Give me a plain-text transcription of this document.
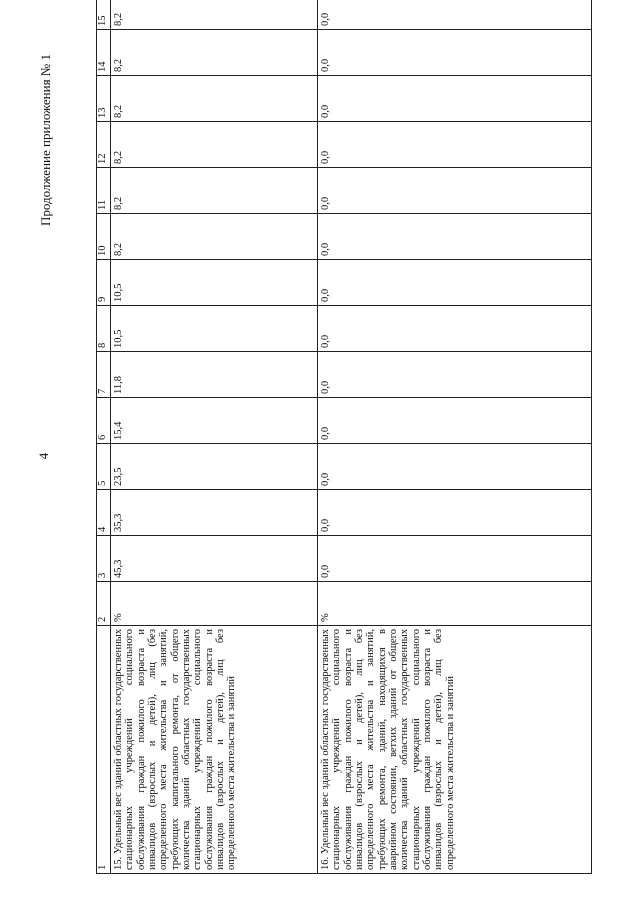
4
Продолжение приложения № 1
1	2	3	4	5	6	7	8	9	10	11	12	13	14	15
15. Удельный вес зданий областных государственных стационарных учреждений социального обслуживания граждан пожилого возраста и инвалидов (взрослых и детей), лиц (без определенного места жительства и занятий, требующих капитального ремонта, от общего количества зданий областных государственных стационарных учреждений социального обслуживания граждан пожилого возраста и инвалидов (взрослых и детей), лиц без определенного места жительства и занятий	%	45,3	35,3	23,5	15,4	11,8	10,5	10,5	8,2	8,2	8,2	8,2	8,2	8,2
16. Удельный вес зданий областных государственных стационарных учреждений социального обслуживания граждан пожилого возраста и инвалидов (взрослых и детей), лиц без определенного места жительства и занятий, требующих ремонта, зданий, находящихся в аварийном состоянии, ветхих зданий от общего количества зданий областных государственных стационарных учреждений социального обслуживания граждан пожилого возраста и инвалидов (взрослых и детей), лиц без определенного места жительства и занятий	%	0,0	0,0	0,0	0,0	0,0	0,0	0,0	0,0	0,0	0,0	0,0	0,0	0,0
